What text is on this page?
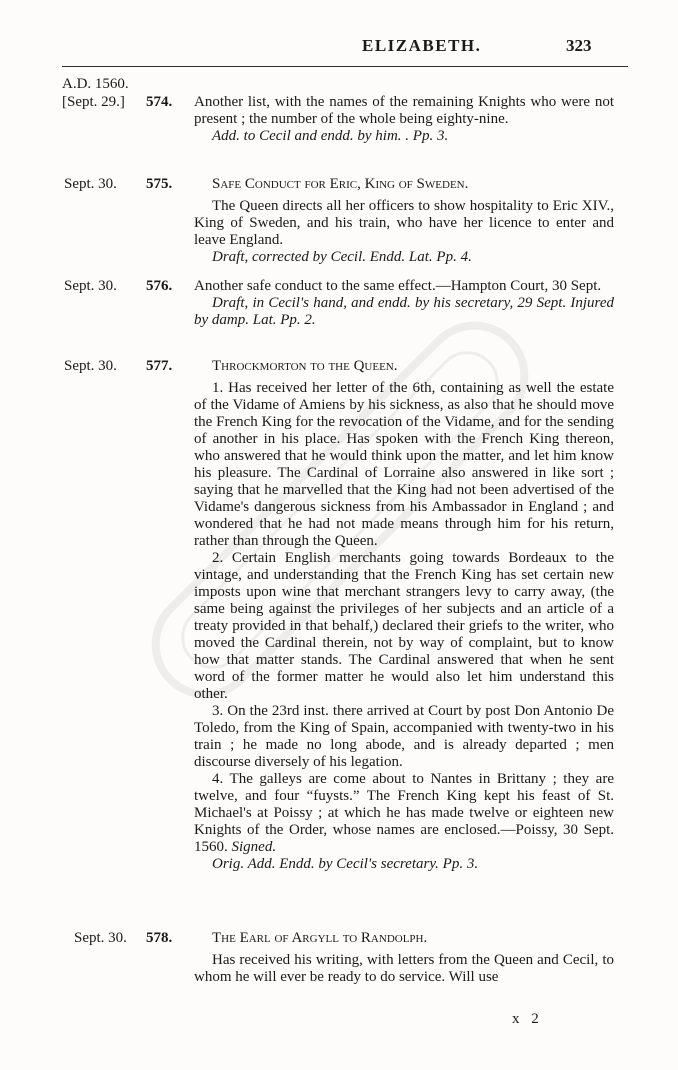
ELIZABETH.	323
A.D. 1560.
[Sept. 29.] 574. Another list, with the names of the remaining Knights who were not present ; the number of the whole being eighty-nine.

Add. to Cecil and endd. by him. . Pp. 3.

Sept. 30. 575.	Safe Conduct for Eric, King of Sweden.

The Queen directs all her officers to show hospitality to Eric XIV., King of Sweden, and his train, who have her licence to enter and leave England.

Draft, corrected by Cecil. Endd. Lat. Pp. 4.

Sept. 30. 576. Another safe conduct to the same effect.—Hampton Court, 30 Sept.

Draft, in Cecil's hand, and endd. by his secretary, 29 Sept. Injured by damp. Lat. Pp. 2.

Sept. 30. 577.	Throckmorton to the Queen.

1. Has received her letter of the 6th, containing as well the estate of the Vidame of Amiens by his sickness, as also that he should move the French King for the revocation of the Vidame, and for the sending of another in his place. Has spoken with the French King thereon, who answered that he would think upon the matter, and let him know his pleasure. The Cardinal of Lorraine also answered in like sort ; saying that he marvelled that the King had not been advertised of the Vidame's dangerous sickness from his Ambassador in England ; and wondered that he had not made means through him for his return, rather than through the Queen.

2. Certain English merchants going towards Bordeaux to the vintage, and understanding that the French King has set certain new imposts upon wine that merchant strangers levy to carry away, (the same being against the privileges of her subjects and an article of a treaty provided in that behalf,) declared their griefs to the writer, who moved the Cardinal therein, not by way of complaint, but to know how that matter stands. The Cardinal answered that when he sent word of the former matter he would also let him understand this other.

3. On the 23rd inst. there arrived at Court by post Don Antonio De Toledo, from the King of Spain, accompanied with twenty-two in his train ; he made no long abode, and is already departed ; men discourse diversely of his legation.

4. The galleys are come about to Nantes in Brittany ; they are twelve, and four “fuysts.” The French King kept his feast of St. Michael's at Poissy ; at which he has made twelve or eighteen new Knights of the Order, whose names are enclosed.—Poissy, 30 Sept. 1560. Signed.

Orig. Add. Endd. by Cecil's secretary. Pp. 3.

Sept. 30. 578.	The Earl of Argyll to Randolph.

Has received his writing, with letters from the Queen and Cecil, to whom he will ever be ready to do service. Will use

x 2
